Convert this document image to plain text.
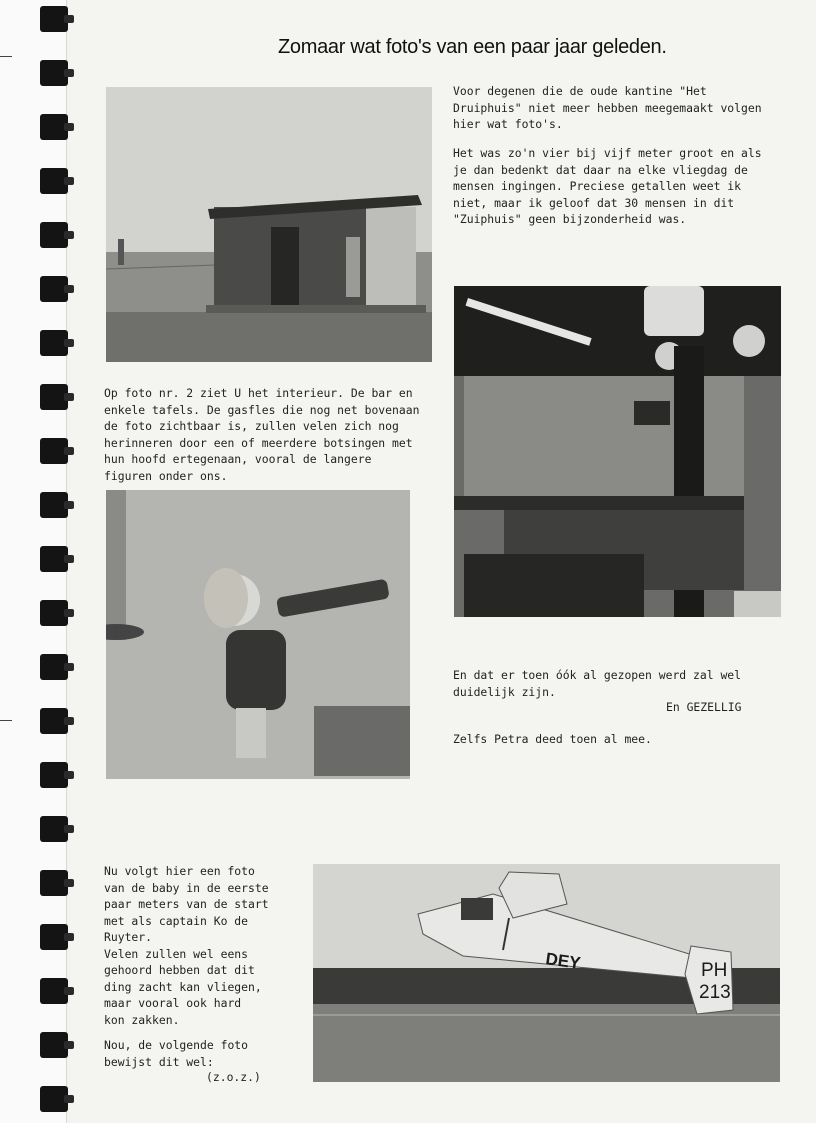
Zomaar wat foto's van een paar jaar geleden.
Voor degenen die de oude kantine "Het Druiphuis" niet meer hebben meegemaakt volgen hier wat foto's.
Het was zo'n vier bij vijf meter groot en als je dan bedenkt dat daar na elke vliegdag de mensen ingingen. Preciese getallen weet ik niet, maar ik geloof dat 30 mensen in dit "Zuiphuis" geen bijzonderheid was.
Op foto nr. 2 ziet U het interieur. De bar en enkele tafels. De gasfles die nog net bovenaan de foto zichtbaar is, zullen velen zich nog herinneren door een of meerdere botsingen met hun hoofd ertegenaan, vooral de langere figuren onder ons.
En dat er toen óók al gezopen werd zal wel duidelijk zijn.
En GEZELLIG
Zelfs Petra deed toen al mee.
Nu volgt hier een foto
van de baby in de eerste
paar meters van de start
met als captain Ko de
Ruyter.
Velen zullen wel eens
gehoord hebben dat dit
ding zacht kan vliegen,
maar vooral ook hard
kon zakken.
Nou, de volgende foto
bewijst dit wel:
(z.o.z.)
DEY	PH
213
